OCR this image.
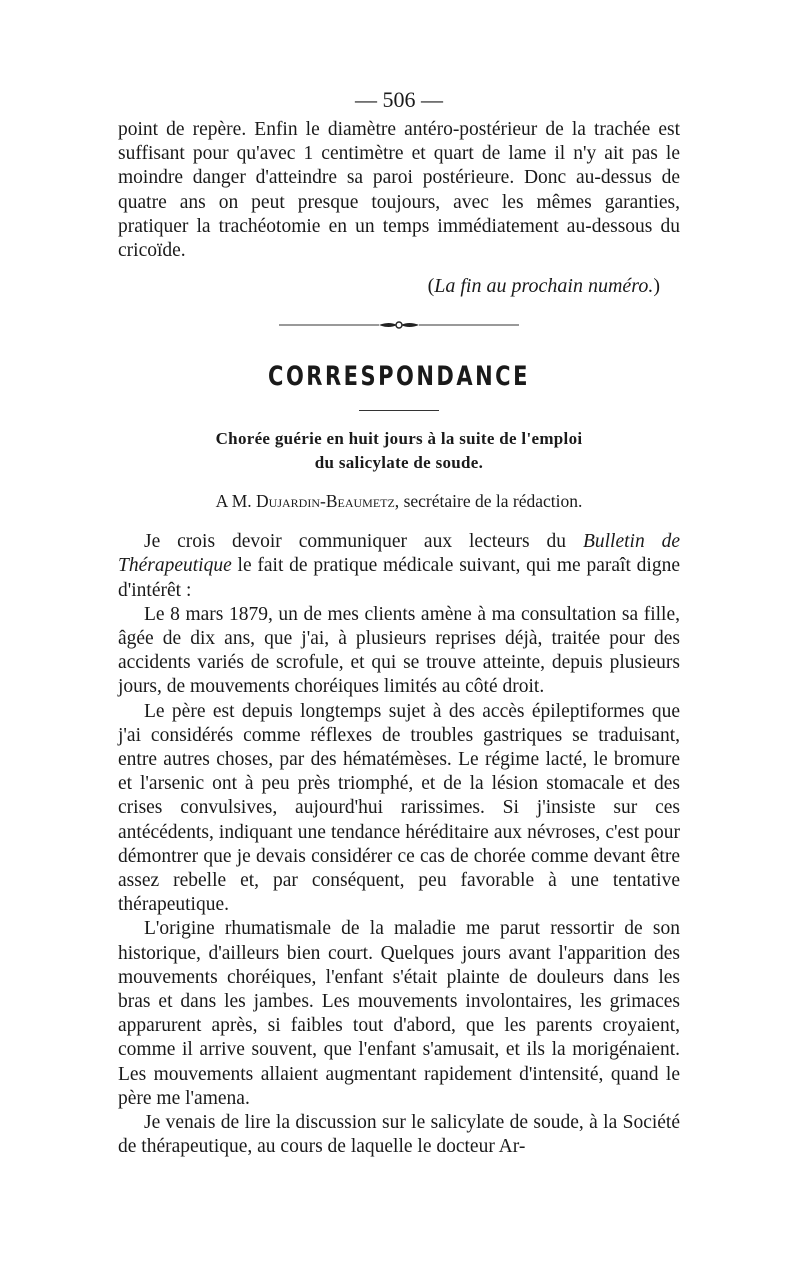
— 506 —

point de repère. Enfin le diamètre antéro-postérieur de la trachée est suffisant pour qu'avec 1 centimètre et quart de lame il n'y ait pas le moindre danger d'atteindre sa paroi postérieure. Donc au-dessus de quatre ans on peut presque toujours, avec les mêmes garanties, pratiquer la trachéotomie en un temps immédiatement au-dessous du cricoïde.

(La fin au prochain numéro.)
CORRESPONDANCE
Chorée guérie en huit jours à la suite de l'emploi
du salicylate de soude.
A M. Dujardin-Beaumetz, secrétaire de la rédaction.

Je crois devoir communiquer aux lecteurs du Bulletin de Thérapeutique le fait de pratique médicale suivant, qui me paraît digne d'intérêt :

Le 8 mars 1879, un de mes clients amène à ma consultation sa fille, âgée de dix ans, que j'ai, à plusieurs reprises déjà, traitée pour des accidents variés de scrofule, et qui se trouve atteinte, depuis plusieurs jours, de mouvements choréiques limités au côté droit.

Le père est depuis longtemps sujet à des accès épileptiformes que j'ai considérés comme réflexes de troubles gastriques se traduisant, entre autres choses, par des hématémèses. Le régime lacté, le bromure et l'arsenic ont à peu près triomphé, et de la lésion stomacale et des crises convulsives, aujourd'hui rarissimes. Si j'insiste sur ces antécédents, indiquant une tendance héréditaire aux névroses, c'est pour démontrer que je devais considérer ce cas de chorée comme devant être assez rebelle et, par conséquent, peu favorable à une tentative thérapeutique.

L'origine rhumatismale de la maladie me parut ressortir de son historique, d'ailleurs bien court. Quelques jours avant l'apparition des mouvements choréiques, l'enfant s'était plainte de douleurs dans les bras et dans les jambes. Les mouvements involontaires, les grimaces apparurent après, si faibles tout d'abord, que les parents croyaient, comme il arrive souvent, que l'enfant s'amusait, et ils la morigénaient. Les mouvements allaient augmentant rapidement d'intensité, quand le père me l'amena.

Je venais de lire la discussion sur le salicylate de soude, à la Société de thérapeutique, au cours de laquelle le docteur Ar-
